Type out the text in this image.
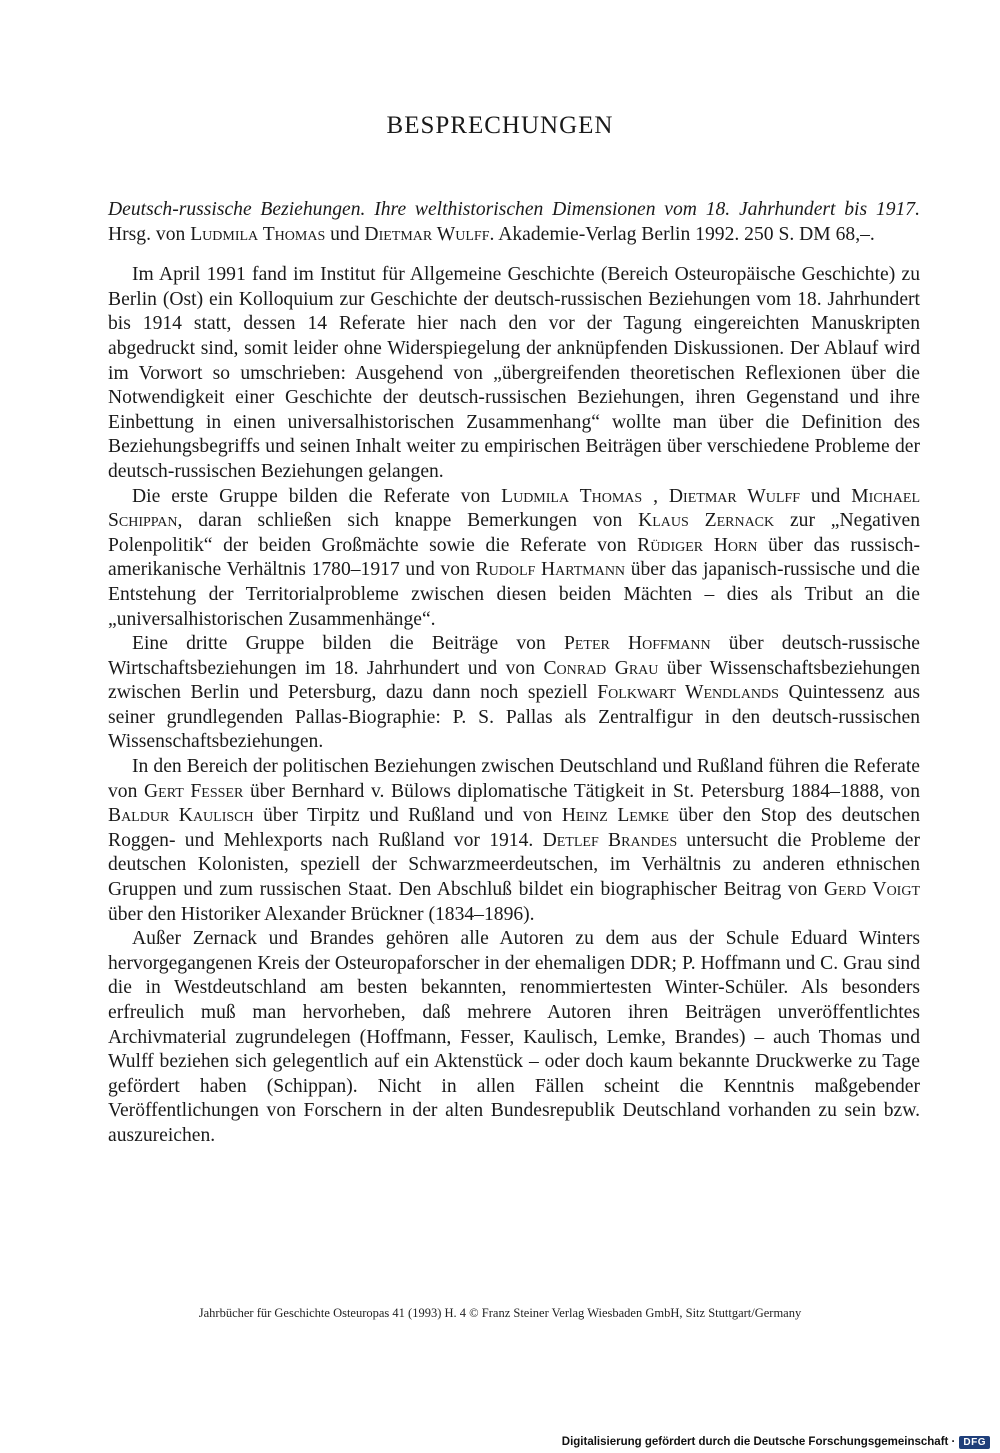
BESPRECHUNGEN

Deutsch-russische Beziehungen. Ihre welthistorischen Dimensionen vom 18. Jahrhundert bis 1917. Hrsg. von Ludmila Thomas und Dietmar Wulff. Akademie-Verlag Berlin 1992. 250 S. DM 68,–.

Im April 1991 fand im Institut für Allgemeine Geschichte (Bereich Osteuropäische Geschichte) zu Berlin (Ost) ein Kolloquium zur Geschichte der deutsch-russischen Beziehungen vom 18. Jahrhundert bis 1914 statt, dessen 14 Referate hier nach den vor der Tagung eingereichten Manuskripten abgedruckt sind, somit leider ohne Widerspiegelung der anknüpfenden Diskussionen. Der Ablauf wird im Vorwort so umschrieben: Ausgehend von „übergreifenden theoretischen Reflexionen über die Notwendigkeit einer Geschichte der deutsch-russischen Beziehungen, ihren Gegenstand und ihre Einbettung in einen universalhistorischen Zusammenhang“ wollte man über die Definition des Beziehungsbegriffs und seinen Inhalt weiter zu empirischen Beiträgen über verschiedene Probleme der deutsch-russischen Beziehungen gelangen.

Die erste Gruppe bilden die Referate von Ludmila Thomas , Dietmar Wulff und Michael Schippan, daran schließen sich knappe Bemerkungen von Klaus Zernack zur „Negativen Polenpolitik“ der beiden Großmächte sowie die Referate von Rüdiger Horn über das russisch-amerikanische Verhältnis 1780–1917 und von Rudolf Hartmann über das japanisch-russische und die Entstehung der Territorialprobleme zwischen diesen beiden Mächten – dies als Tribut an die „universalhistorischen Zusammenhänge“.

Eine dritte Gruppe bilden die Beiträge von Peter Hoffmann über deutsch-russische Wirtschaftsbeziehungen im 18. Jahrhundert und von Conrad Grau über Wissenschaftsbeziehungen zwischen Berlin und Petersburg, dazu dann noch speziell Folkwart Wendlands Quintessenz aus seiner grundlegenden Pallas-Biographie: P. S. Pallas als Zentralfigur in den deutsch-russischen Wissenschaftsbeziehungen.

In den Bereich der politischen Beziehungen zwischen Deutschland und Rußland führen die Referate von Gert Fesser über Bernhard v. Bülows diplomatische Tätigkeit in St. Petersburg 1884–1888, von Baldur Kaulisch über Tirpitz und Rußland und von Heinz Lemke über den Stop des deutschen Roggen- und Mehlexports nach Rußland vor 1914. Detlef Brandes untersucht die Probleme der deutschen Kolonisten, speziell der Schwarzmeerdeutschen, im Verhältnis zu anderen ethnischen Gruppen und zum russischen Staat. Den Abschluß bildet ein biographischer Beitrag von Gerd Voigt über den Historiker Alexander Brückner (1834–1896).

Außer Zernack und Brandes gehören alle Autoren zu dem aus der Schule Eduard Winters hervorgegangenen Kreis der Osteuropaforscher in der ehemaligen DDR; P. Hoffmann und C. Grau sind die in Westdeutschland am besten bekannten, renommiertesten Winter-Schüler. Als besonders erfreulich muß man hervorheben, daß mehrere Autoren ihren Beiträgen unveröffentlichtes Archivmaterial zugrundelegen (Hoffmann, Fesser, Kaulisch, Lemke, Brandes) – auch Thomas und Wulff beziehen sich gelegentlich auf ein Aktenstück – oder doch kaum bekannte Druckwerke zu Tage gefördert haben (Schippan). Nicht in allen Fällen scheint die Kenntnis maßgebender Veröffentlichungen von Forschern in der alten Bundesrepublik Deutschland vorhanden zu sein bzw. auszureichen.

Jahrbücher für Geschichte Osteuropas 41 (1993) H. 4 © Franz Steiner Verlag Wiesbaden GmbH, Sitz Stuttgart/Germany
Digitalisierung gefördert durch die Deutsche Forschungsgemeinschaft · DFG
